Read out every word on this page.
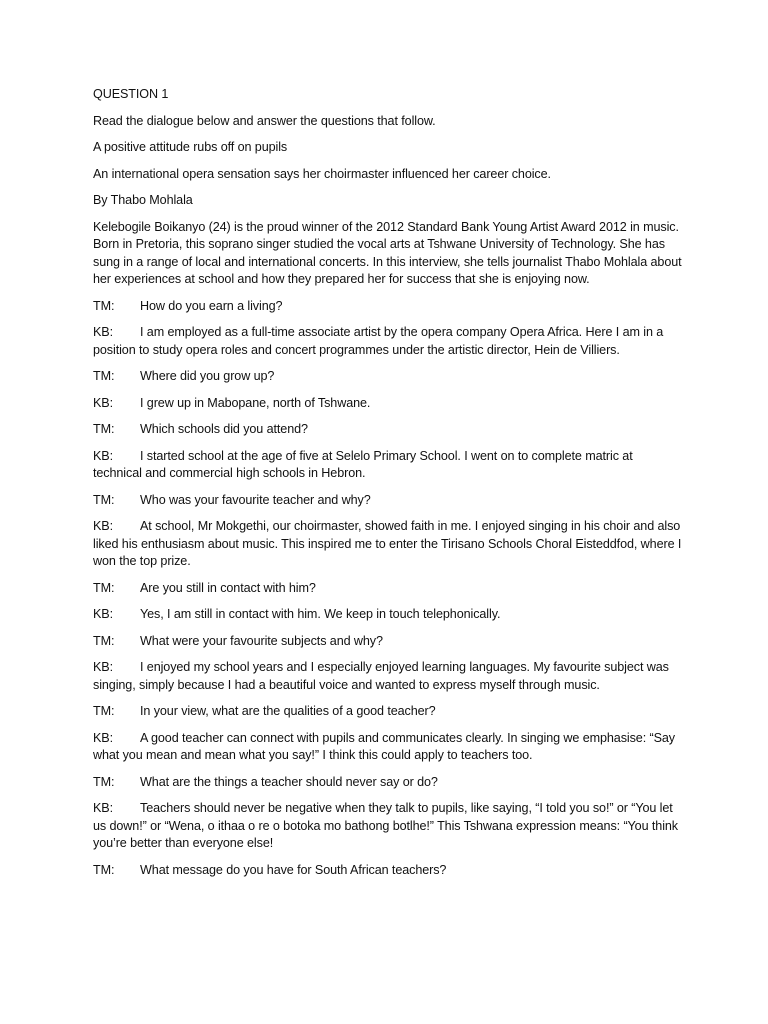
QUESTION 1

Read the dialogue below and answer the questions that follow.

A positive attitude rubs off on pupils

An international opera sensation says her choirmaster influenced her career choice.

By Thabo Mohlala

Kelebogile Boikanyo (24) is the proud winner of the 2012 Standard Bank Young Artist Award 2012 in music. Born in Pretoria, this soprano singer studied the vocal arts at Tshwane University of Technology. She has sung in a range of local and international concerts. In this interview, she tells journalist Thabo Mohlala about her experiences at school and how they prepared her for success that she is enjoying now.

TM: How do you earn a living?
KB: I am employed as a full-time associate artist by the opera company Opera Africa. Here I am in a position to study opera roles and concert programmes under the artistic director, Hein de Villiers.
TM: Where did you grow up?
KB: I grew up in Mabopane, north of Tshwane.
TM: Which schools did you attend?
KB: I started school at the age of five at Selelo Primary School. I went on to complete matric at technical and commercial high schools in Hebron.
TM: Who was your favourite teacher and why?
KB: At school, Mr Mokgethi, our choirmaster, showed faith in me. I enjoyed singing in his choir and also liked his enthusiasm about music. This inspired me to enter the Tirisano Schools Choral Eisteddfod, where I won the top prize.
TM: Are you still in contact with him?
KB: Yes, I am still in contact with him. We keep in touch telephonically.
TM: What were your favourite subjects and why?
KB: I enjoyed my school years and I especially enjoyed learning languages. My favourite subject was singing, simply because I had a beautiful voice and wanted to express myself through music.
TM: In your view, what are the qualities of a good teacher?
KB: A good teacher can connect with pupils and communicates clearly. In singing we emphasise: “Say what you mean and mean what you say!” I think this could apply to teachers too.
TM: What are the things a teacher should never say or do?
KB: Teachers should never be negative when they talk to pupils, like saying, “I told you so!” or “You let us down!” or “Wena, o ithaa o re o botoka mo bathong botlhe!” This Tshwana expression means: “You think you’re better than everyone else!
TM: What message do you have for South African teachers?
